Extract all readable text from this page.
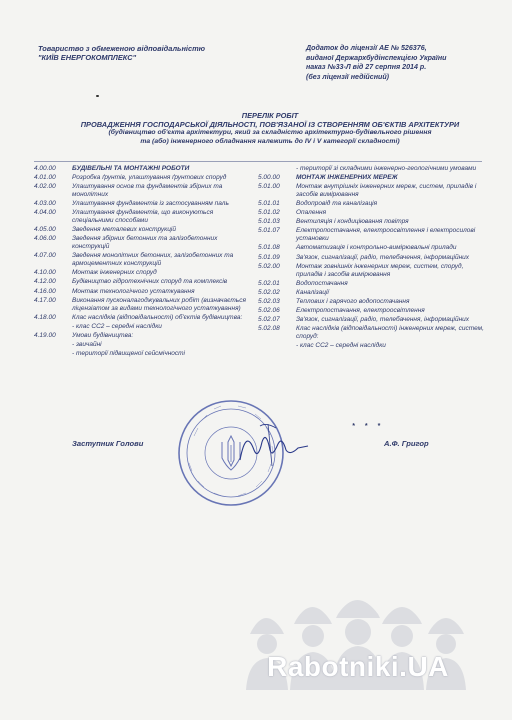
Товариство з обмеженою відповідальністю
"КИЇВ ЕНЕРГОКОМПЛЕКС"
Додаток до ліцензії АЕ № 526376,
виданої Держархбудінспекцією України
наказ №33-Л від 27 серпня 2014 р.
(без ліцензії недійсний)
ПЕРЕЛІК РОБІТ
ПРОВАДЖЕННЯ ГОСПОДАРСЬКОЇ ДІЯЛЬНОСТІ, ПОВ'ЯЗАНОЇ ІЗ СТВОРЕННЯМ ОБ'ЄКТІВ АРХІТЕКТУРИ
(будівництво об'єкта архітектури, який за складністю архітектурно-будівельного рішення
та (або) інженерного обладнання належить до IV і V категорії складності)
4.00.00	БУДІВЕЛЬНІ ТА МОНТАЖНІ РОБОТИ
4.01.00	Розробка ґрунтів, улаштування ґрунтових споруд
4.02.00	Улаштування основ та фундаментів збірних та монолітних
4.03.00	Улаштування фундаментів із застосуванням паль
4.04.00	Улаштування фундаментів, що виконуються спеціальними способами
4.05.00	Зведення металевих конструкцій
4.06.00	Зведення збірних бетонних та залізобетонних конструкцій
4.07.00	Зведення монолітних бетонних, залізобетонних та армоцементних конструкцій
4.10.00	Монтаж інженерних споруд
4.12.00	Будівництво гідротехнічних споруд та комплексів
4.16.00	Монтаж технологічного устаткування
4.17.00	Виконання пусконалагоджувальних робіт (визначається ліцензіатом за видами технологічного устаткування)
4.18.00	Клас наслідків (відповідальності) об'єктів будівництва:
- клас СС2 – середні наслідки
4.19.00	Умови будівництва:
- звичайні
- території підвищеної сейсмічності
- території зі складними інженерно-геологічними умовами
5.00.00	МОНТАЖ ІНЖЕНЕРНИХ МЕРЕЖ
5.01.00	Монтаж внутрішніх інженерних мереж, систем, приладів і засобів вимірювання
5.01.01	Водопровід та каналізація
5.01.02	Опалення
5.01.03	Вентиляція і кондиціювання повітря
5.01.07	Електропостачання, електроосвітлення і електросилові установки
5.01.08	Автоматизація і контрольно-вимірювальні прилади
5.01.09	Зв'язок, сигналізації, радіо, телебачення, інформаційних
5.02.00	Монтаж зовнішніх інженерних мереж, систем, споруд, приладів і засобів вимірювання
5.02.01	Водопостачання
5.02.02	Каналізації
5.02.03	Теплових і гарячого водопостачання
5.02.06	Електропостачання, електроосвітлення
5.02.07	Зв'язок, сигналізації, радіо, телебачення, інформаційних
5.02.08	Клас наслідків (відповідальності) інженерних мереж, систем, споруд:
- клас СС2 – середні наслідки
* * *
Заступник Голови	А.Ф. Григор
Rabotniki.UA
